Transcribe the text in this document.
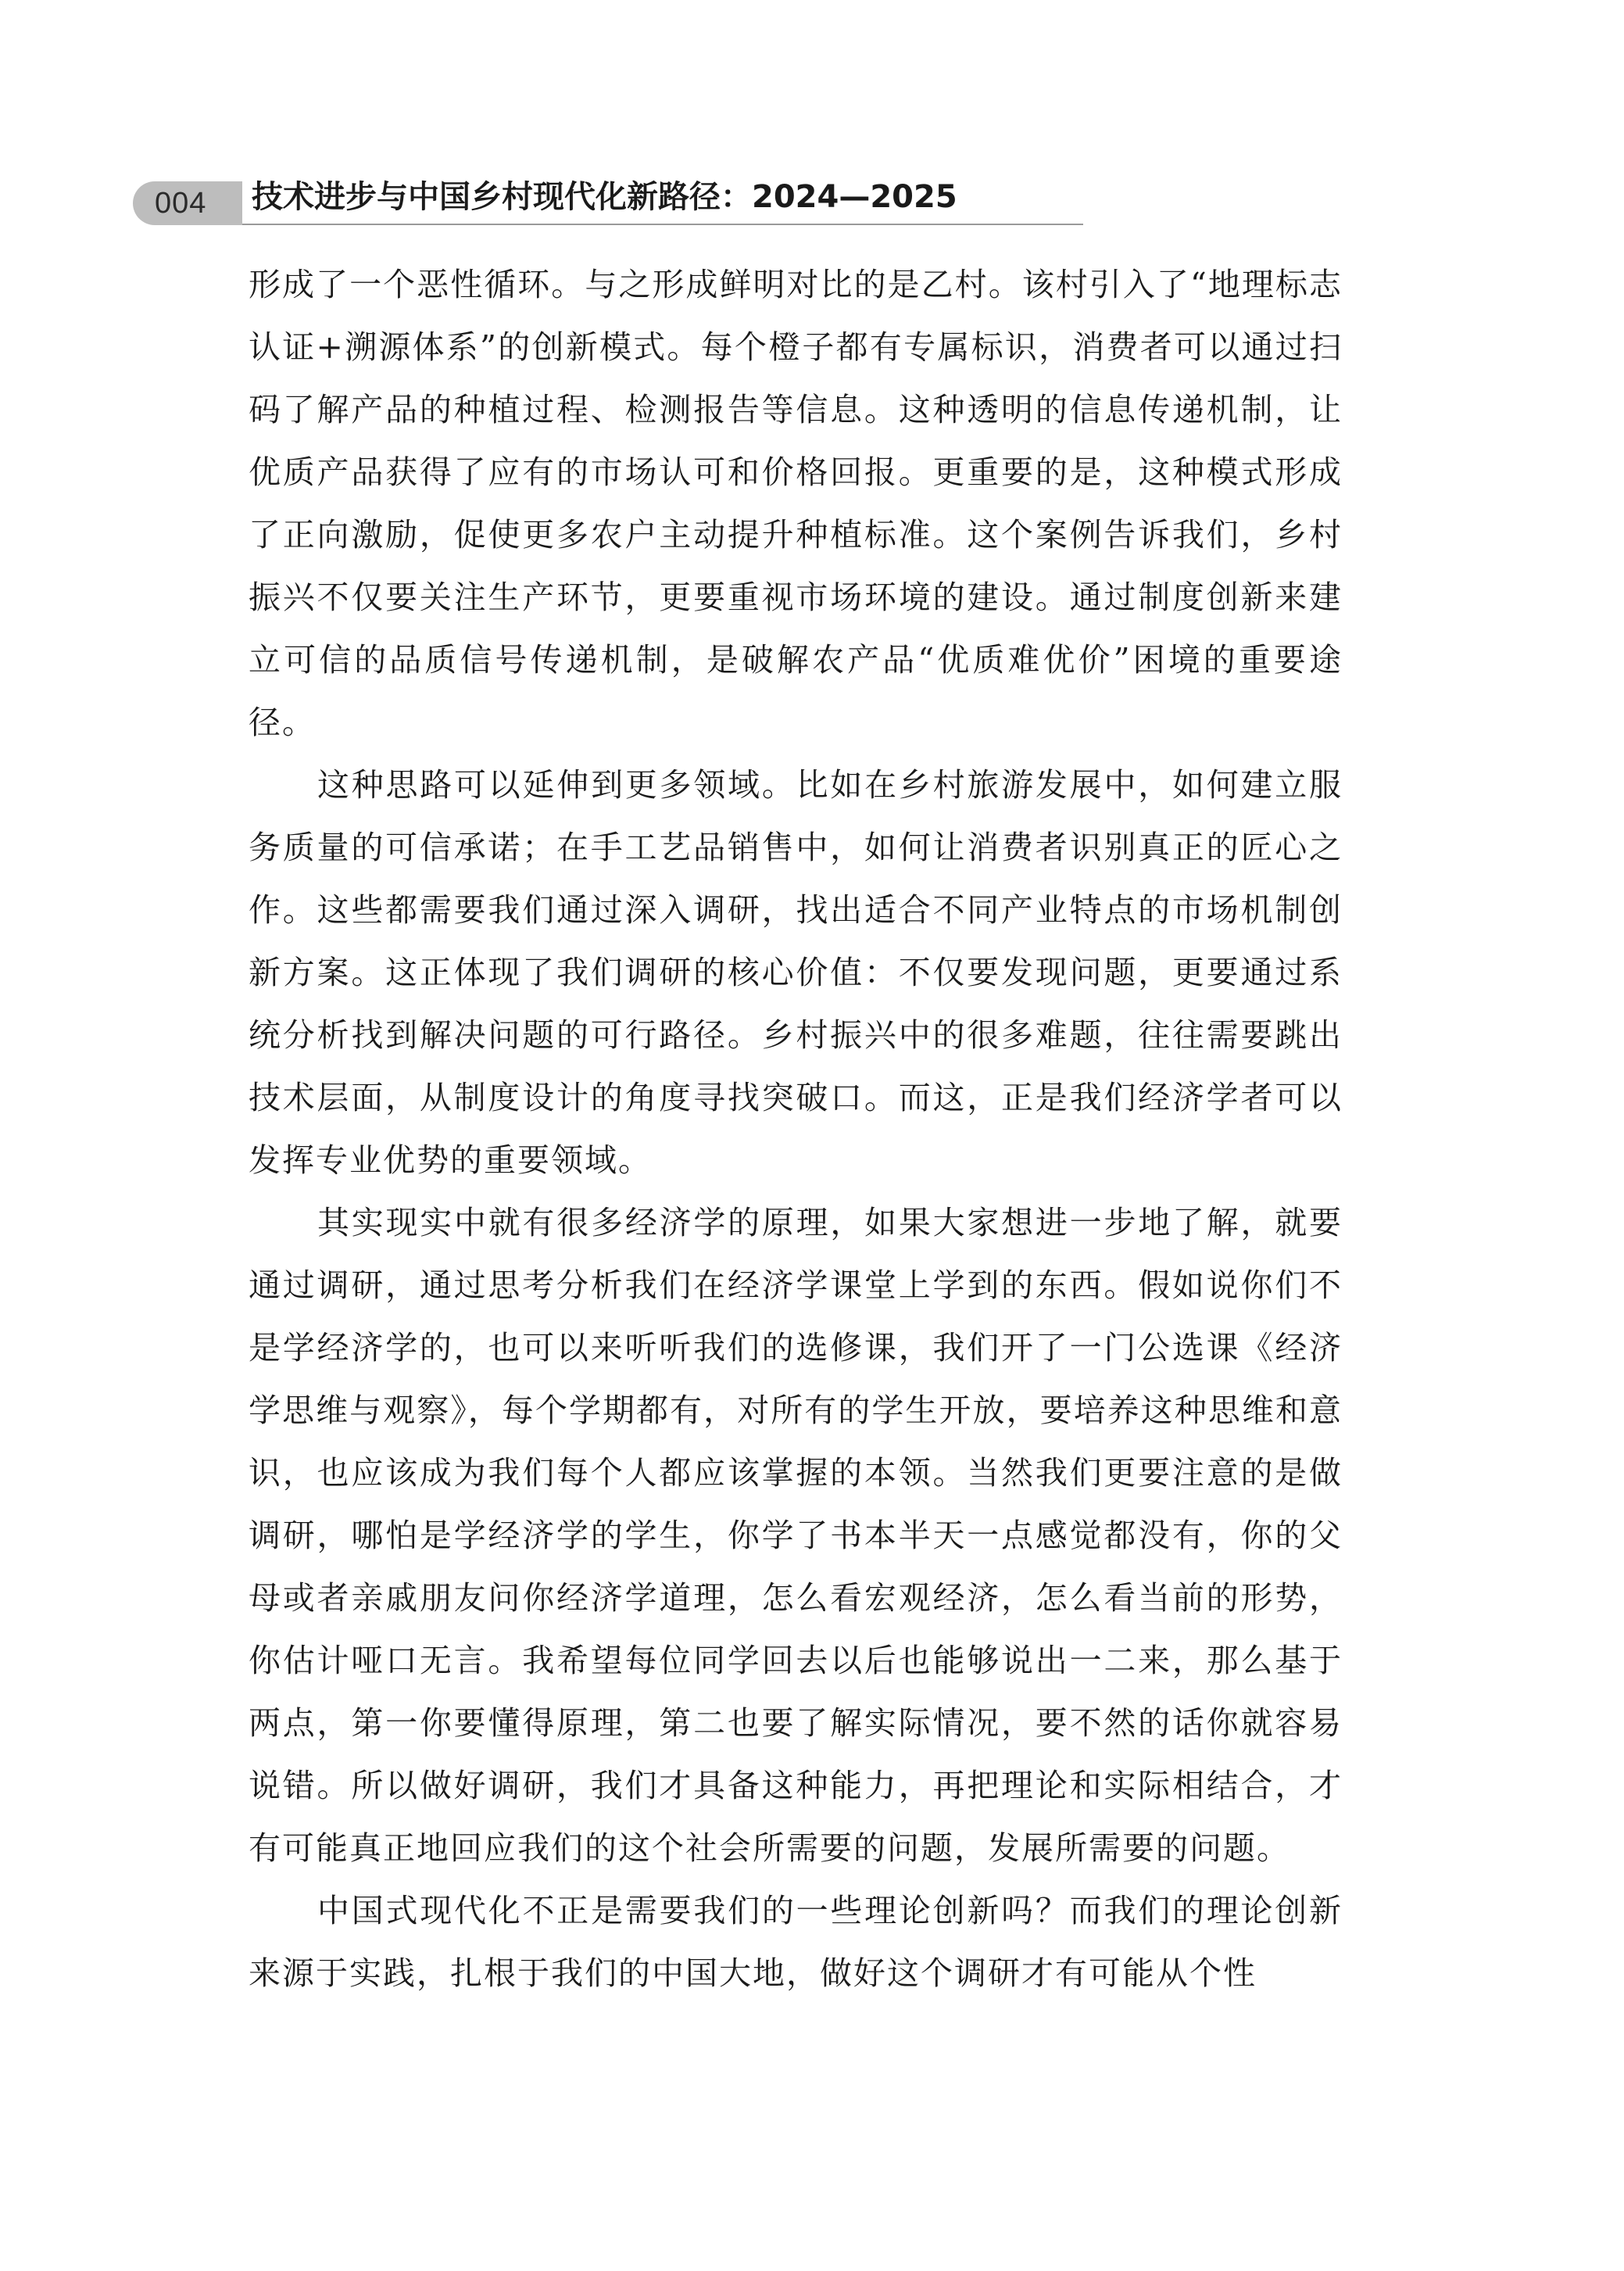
004 技术进步与中国乡村现代化新路径：2024—2025

形成了一个恶性循环。与之形成鲜明对比的是乙村。该村引入了“地理标志认证+溯源体系”的创新模式。每个橙子都有专属标识，消费者可以通过扫码了解产品的种植过程、检测报告等信息。这种透明的信息传递机制，让优质产品获得了应有的市场认可和价格回报。更重要的是，这种模式形成了正向激励，促使更多农户主动提升种植标准。这个案例告诉我们，乡村振兴不仅要关注生产环节，更要重视市场环境的建设。通过制度创新来建立可信的品质信号传递机制，是破解农产品“优质难优价”困境的重要途径。

这种思路可以延伸到更多领域。比如在乡村旅游发展中，如何建立服务质量的可信承诺；在手工艺品销售中，如何让消费者识别真正的匠心之作。这些都需要我们通过深入调研，找出适合不同产业特点的市场机制创新方案。这正体现了我们调研的核心价值：不仅要发现问题，更要通过系统分析找到解决问题的可行路径。乡村振兴中的很多难题，往往需要跳出技术层面，从制度设计的角度寻找突破口。而这，正是我们经济学者可以发挥专业优势的重要领域。

其实现实中就有很多经济学的原理，如果大家想进一步地了解，就要通过调研，通过思考分析我们在经济学课堂上学到的东西。假如说你们不是学经济学的，也可以来听听我们的选修课，我们开了一门公选课《经济学思维与观察》，每个学期都有，对所有的学生开放，要培养这种思维和意识，也应该成为我们每个人都应该掌握的本领。当然我们更要注意的是做调研，哪怕是学经济学的学生，你学了书本半天一点感觉都没有，你的父母或者亲戚朋友问你经济学道理，怎么看宏观经济，怎么看当前的形势，你估计哑口无言。我希望每位同学回去以后也能够说出一二来，那么基于两点，第一你要懂得原理，第二也要了解实际情况，要不然的话你就容易说错。所以做好调研，我们才具备这种能力，再把理论和实际相结合，才有可能真正地回应我们的这个社会所需要的问题，发展所需要的问题。

中国式现代化不正是需要我们的一些理论创新吗？而我们的理论创新来源于实践，扎根于我们的中国大地，做好这个调研才有可能从个性
